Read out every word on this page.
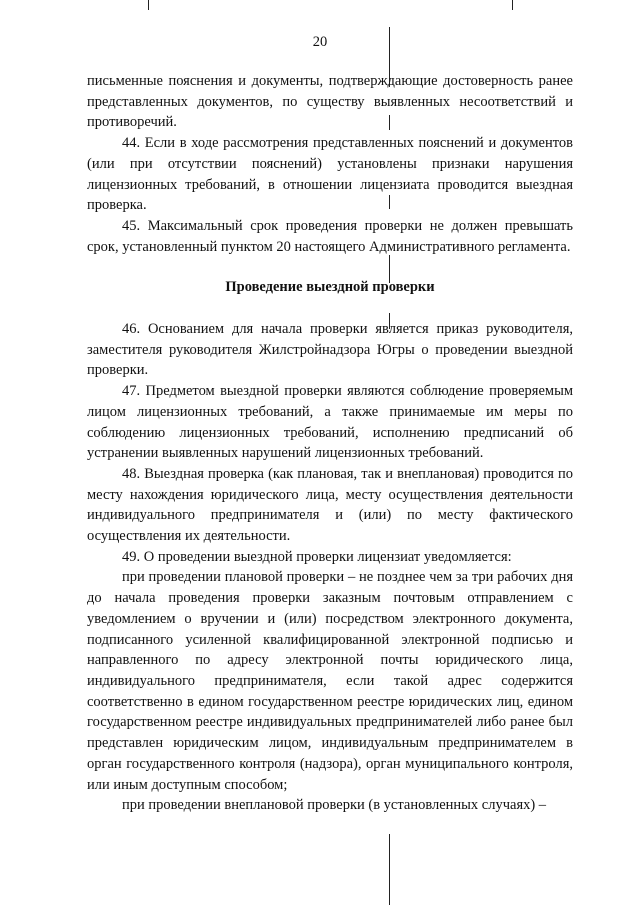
20

письменные пояснения и документы, подтверждающие достоверность ранее представленных документов, по существу выявленных несоответствий и противоречий.

44. Если в ходе рассмотрения представленных пояснений и документов (или при отсутствии пояснений) установлены признаки нарушения лицензионных требований, в отношении лицензиата проводится выездная проверка.

45. Максимальный срок проведения проверки не должен превышать срок, установленный пунктом 20 настоящего Административного регламента.

Проведение выездной проверки

46. Основанием для начала проверки является приказ руководителя, заместителя руководителя Жилстройнадзора Югры о проведении выездной проверки.

47. Предметом выездной проверки являются соблюдение проверяемым лицом лицензионных требований, а также принимаемые им меры по соблюдению лицензионных требований, исполнению предписаний об устранении выявленных нарушений лицензионных требований.

48. Выездная проверка (как плановая, так и внеплановая) проводится по месту нахождения юридического лица, месту осуществления деятельности индивидуального предпринимателя и (или) по месту фактического осуществления их деятельности.

49. О проведении выездной проверки лицензиат уведомляется:

при проведении плановой проверки – не позднее чем за три рабочих дня до начала проведения проверки заказным почтовым отправлением с уведомлением о вручении и (или) посредством электронного документа, подписанного усиленной квалифицированной электронной подписью и направленного по адресу электронной почты юридического лица, индивидуального предпринимателя, если такой адрес содержится соответственно в едином государственном реестре юридических лиц, едином государственном реестре индивидуальных предпринимателей либо ранее был представлен юридическим лицом, индивидуальным предпринимателем в орган государственного контроля (надзора), орган муниципального контроля, или иным доступным способом;

при проведении внеплановой проверки (в установленных случаях) –
